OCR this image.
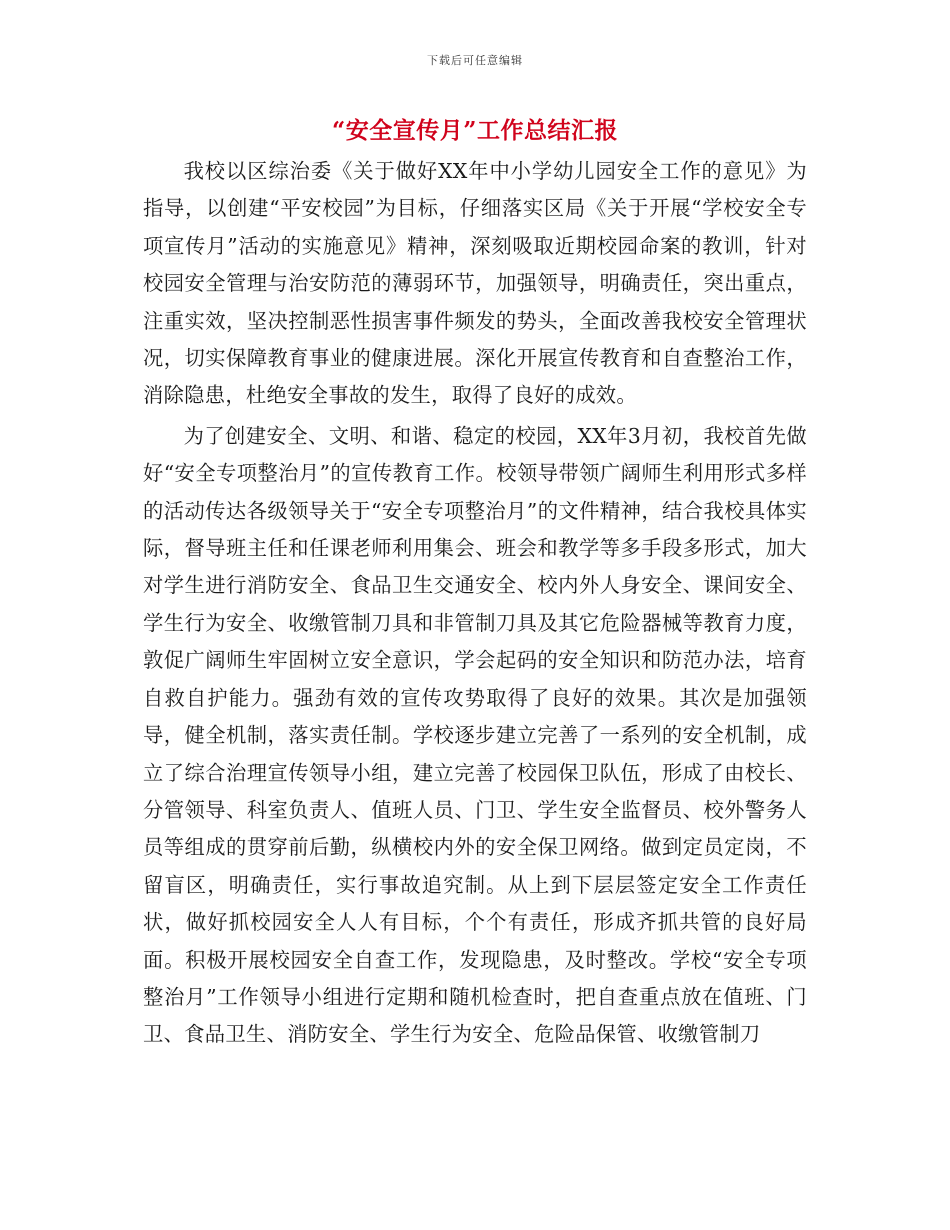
下载后可任意编辑
“安全宣传月”工作总结汇报

我校以区综治委《关于做好XX年中小学幼儿园安全工作的意见》为指导，以创建“平安校园”为目标，仔细落实区局《关于开展“学校安全专项宣传月”活动的实施意见》精神，深刻吸取近期校园命案的教训，针对校园安全管理与治安防范的薄弱环节，加强领导，明确责任，突出重点，注重实效，坚决控制恶性损害事件频发的势头，全面改善我校安全管理状况，切实保障教育事业的健康进展。深化开展宣传教育和自查整治工作，消除隐患，杜绝安全事故的发生，取得了良好的成效。

为了创建安全、文明、和谐、稳定的校园，XX年3月初，我校首先做好“安全专项整治月”的宣传教育工作。校领导带领广阔师生利用形式多样的活动传达各级领导关于“安全专项整治月”的文件精神，结合我校具体实际，督导班主任和任课老师利用集会、班会和教学等多手段多形式，加大对学生进行消防安全、食品卫生交通安全、校内外人身安全、课间安全、学生行为安全、收缴管制刀具和非管制刀具及其它危险器械等教育力度，敦促广阔师生牢固树立安全意识，学会起码的安全知识和防范办法，培育自救自护能力。强劲有效的宣传攻势取得了良好的效果。其次是加强领导，健全机制，落实责任制。学校逐步建立完善了一系列的安全机制，成立了综合治理宣传领导小组，建立完善了校园保卫队伍，形成了由校长、分管领导、科室负责人、值班人员、门卫、学生安全监督员、校外警务人员等组成的贯穿前后勤，纵横校内外的安全保卫网络。做到定员定岗，不留盲区，明确责任，实行事故追究制。从上到下层层签定安全工作责任状，做好抓校园安全人人有目标，个个有责任，形成齐抓共管的良好局面。积极开展校园安全自查工作，发现隐患，及时整改。学校“安全专项整治月”工作领导小组进行定期和随机检查时，把自查重点放在值班、门卫、食品卫生、消防安全、学生行为安全、危险品保管、收缴管制刀
